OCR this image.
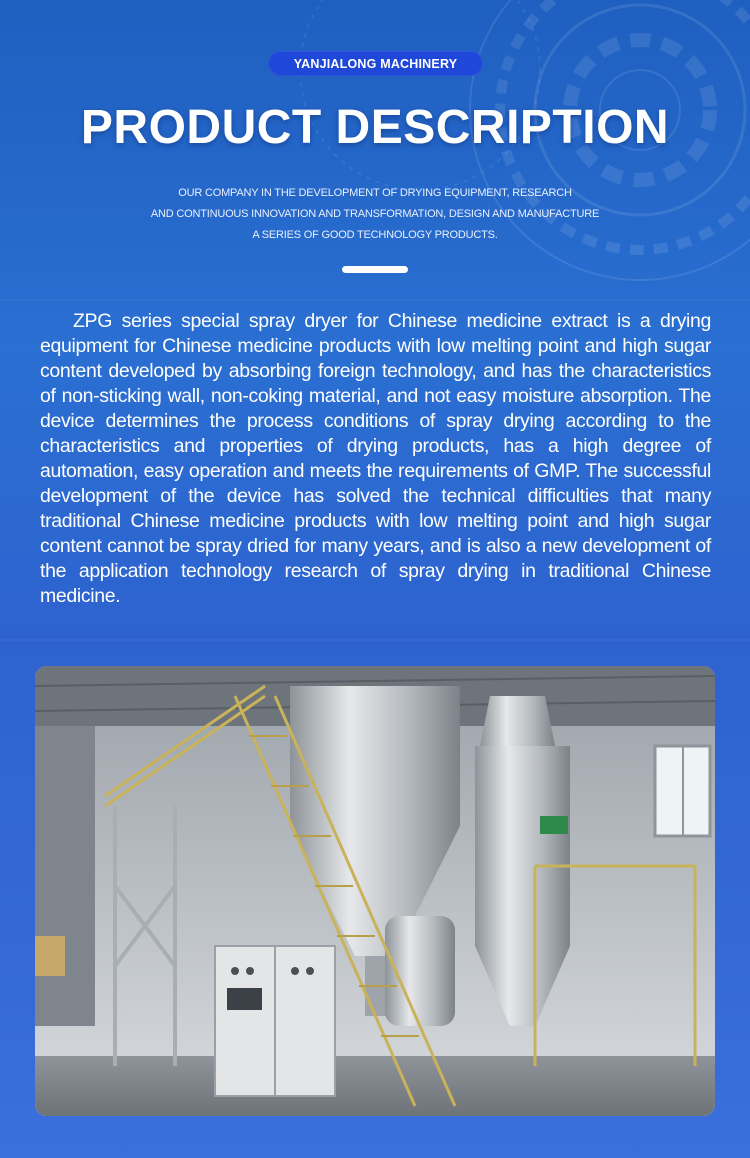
YANJIALONG MACHINERY
PRODUCT DESCRIPTION
OUR COMPANY IN THE DEVELOPMENT OF DRYING EQUIPMENT, RESEARCH
AND CONTINUOUS INNOVATION AND TRANSFORMATION, DESIGN AND MANUFACTURE
A SERIES OF GOOD TECHNOLOGY PRODUCTS.

ZPG series special spray dryer for Chinese medicine extract is a drying equipment for Chinese medicine products with low melting point and high sugar content developed by absorbing foreign technology, and has the characteristics of non-sticking wall, non-coking material, and not easy moisture absorption. The device determines the process conditions of spray drying according to the characteristics and properties of drying products, has a high degree of automation, easy operation and meets the requirements of GMP. The successful development of the device has solved the technical difficulties that many traditional Chinese medicine products with low melting point and high sugar content cannot be spray dried for many years, and is also a new development of the application technology research of spray drying in traditional Chinese medicine.
